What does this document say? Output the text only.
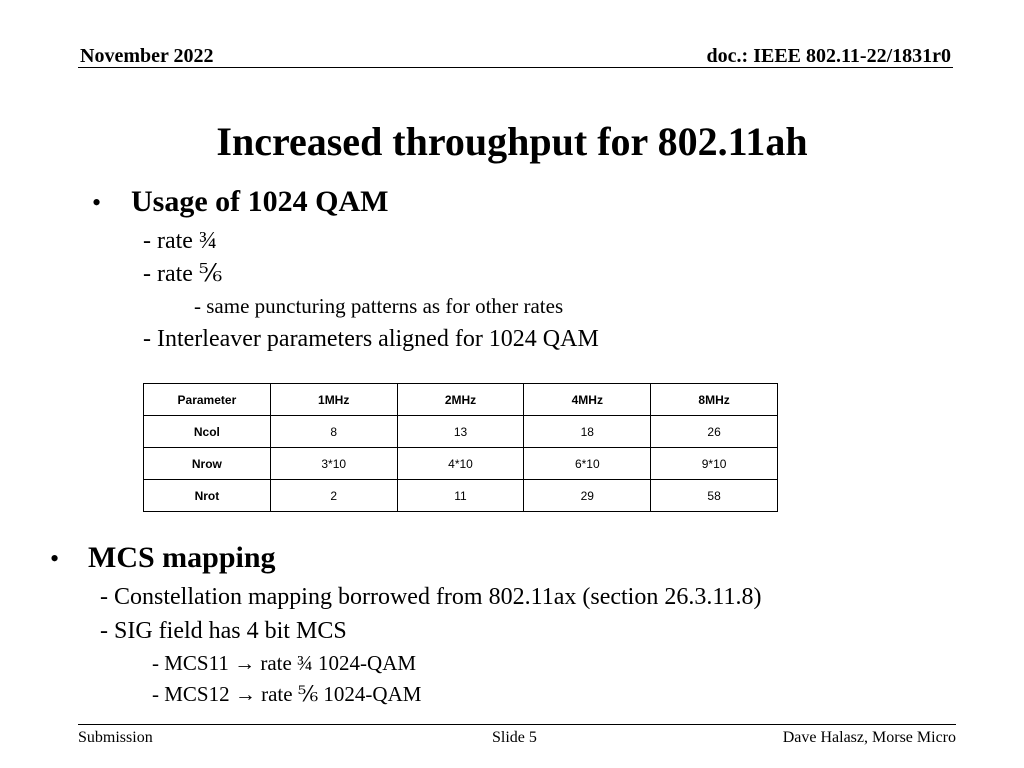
November 2022	doc.: IEEE 802.11-22/1831r0
Increased throughput for 802.11ah
• Usage of 1024 QAM
- rate ¾
- rate ⅚
- same puncturing patterns as for other rates
- Interleaver parameters aligned for 1024 QAM
Parameter	1MHz	2MHz	4MHz	8MHz
Ncol	8	13	18	26
Nrow	3*10	4*10	6*10	9*10
Nrot	2	11	29	58
• MCS mapping
- Constellation mapping borrowed from 802.11ax (section 26.3.11.8)
- SIG field has 4 bit MCS
- MCS11 → rate ¾ 1024-QAM
- MCS12 → rate ⅚ 1024-QAM
Submission	Slide 5	Dave Halasz, Morse Micro
